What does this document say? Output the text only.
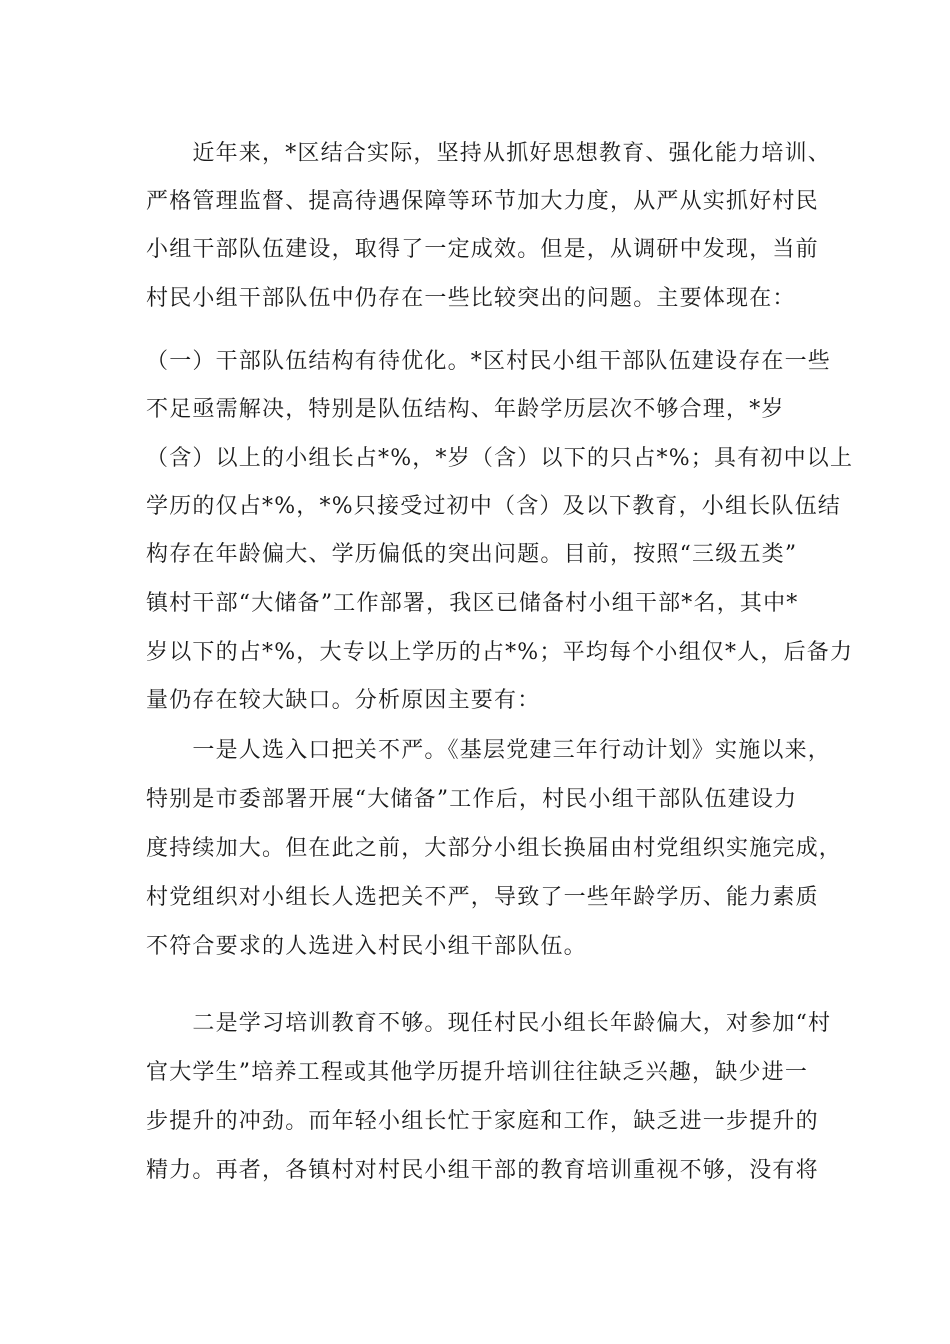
　　近年来，*区结合实际，坚持从抓好思想教育、强化能力培训、
严格管理监督、提高待遇保障等环节加大力度，从严从实抓好村民
小组干部队伍建设，取得了一定成效。但是，从调研中发现，当前
村民小组干部队伍中仍存在一些比较突出的问题。主要体现在：
（一）干部队伍结构有待优化。*区村民小组干部队伍建设存在一些
不足亟需解决，特别是队伍结构、年龄学历层次不够合理，*岁
（含）以上的小组长占*%，*岁（含）以下的只占*%；具有初中以上
学历的仅占*%，*%只接受过初中（含）及以下教育，小组长队伍结
构存在年龄偏大、学历偏低的突出问题。目前，按照“三级五类”
镇村干部“大储备”工作部署，我区已储备村小组干部*名，其中*
岁以下的占*%，大专以上学历的占*%；平均每个小组仅*人，后备力
量仍存在较大缺口。分析原因主要有：
　　一是人选入口把关不严。《基层党建三年行动计划》实施以来，
特别是市委部署开展“大储备”工作后，村民小组干部队伍建设力
度持续加大。但在此之前，大部分小组长换届由村党组织实施完成，
村党组织对小组长人选把关不严，导致了一些年龄学历、能力素质
不符合要求的人选进入村民小组干部队伍。
　　二是学习培训教育不够。现任村民小组长年龄偏大，对参加“村
官大学生”培养工程或其他学历提升培训往往缺乏兴趣，缺少进一
步提升的冲劲。而年轻小组长忙于家庭和工作，缺乏进一步提升的
精力。再者，各镇村对村民小组干部的教育培训重视不够，没有将
